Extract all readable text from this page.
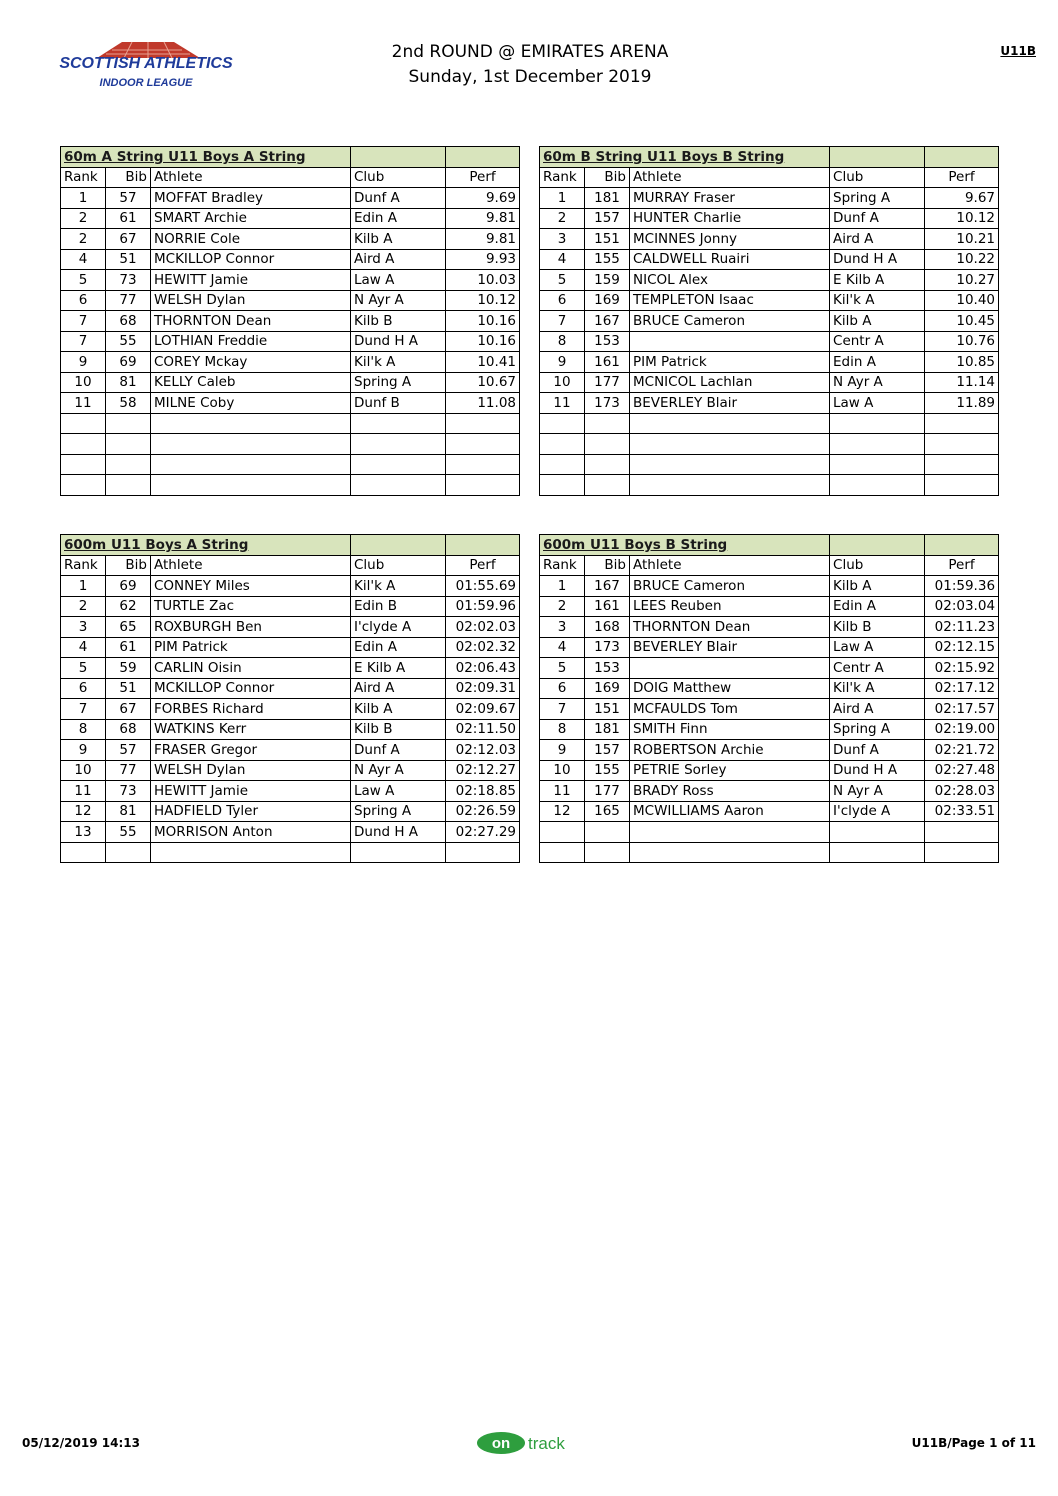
SCOTTISH ATHLETICS
INDOOR LEAGUE
2nd ROUND @ EMIRATES ARENA
Sunday, 1st December 2019
U11B
60m A String U11 Boys A String				
Rank	Bib	Athlete	Club	Perf
1	57	MOFFAT Bradley	Dunf A	9.69
2	61	SMART Archie	Edin A	9.81
2	67	NORRIE Cole	Kilb A	9.81
4	51	MCKILLOP Connor	Aird A	9.93
5	73	HEWITT Jamie	Law A	10.03
6	77	WELSH Dylan	N Ayr A	10.12
7	68	THORNTON Dean	Kilb B	10.16
7	55	LOTHIAN Freddie	Dund H A	10.16
9	69	COREY Mckay	Kil'k A	10.41
10	81	KELLY Caleb	Spring A	10.67
11	58	MILNE Coby	Dunf B	11.08

60m B String U11 Boys B String				
Rank	Bib	Athlete	Club	Perf
1	181	MURRAY Fraser	Spring A	9.67
2	157	HUNTER Charlie	Dunf A	10.12
3	151	MCINNES Jonny	Aird A	10.21
4	155	CALDWELL Ruairi	Dund H A	10.22
5	159	NICOL Alex	E Kilb A	10.27
6	169	TEMPLETON Isaac	Kil'k A	10.40
7	167	BRUCE Cameron	Kilb A	10.45
8	153		Centr A	10.76
9	161	PIM Patrick	Edin A	10.85
10	177	MCNICOL Lachlan	N Ayr A	11.14
11	173	BEVERLEY Blair	Law A	11.89

600m U11 Boys A String				
Rank	Bib	Athlete	Club	Perf
1	69	CONNEY Miles	Kil'k A	01:55.69
2	62	TURTLE Zac	Edin B	01:59.96
3	65	ROXBURGH Ben	I'clyde A	02:02.03
4	61	PIM Patrick	Edin A	02:02.32
5	59	CARLIN Oisin	E Kilb A	02:06.43
6	51	MCKILLOP Connor	Aird A	02:09.31
7	67	FORBES Richard	Kilb A	02:09.67
8	68	WATKINS Kerr	Kilb B	02:11.50
9	57	FRASER Gregor	Dunf A	02:12.03
10	77	WELSH Dylan	N Ayr A	02:12.27
11	73	HEWITT Jamie	Law A	02:18.85
12	81	HADFIELD Tyler	Spring A	02:26.59
13	55	MORRISON Anton	Dund H A	02:27.29

600m U11 Boys B String				
Rank	Bib	Athlete	Club	Perf
1	167	BRUCE Cameron	Kilb A	01:59.36
2	161	LEES Reuben	Edin A	02:03.04
3	168	THORNTON Dean	Kilb B	02:11.23
4	173	BEVERLEY Blair	Law A	02:12.15
5	153		Centr A	02:15.92
6	169	DOIG Matthew	Kil'k A	02:17.12
7	151	MCFAULDS Tom	Aird A	02:17.57
8	181	SMITH Finn	Spring A	02:19.00
9	157	ROBERTSON Archie	Dunf A	02:21.72
10	155	PETRIE Sorley	Dund H A	02:27.48
11	177	BRADY Ross	N Ayr A	02:28.03
12	165	MCWILLIAMS Aaron	I'clyde A	02:33.51

05/12/2019 14:13	on track	U11B/Page 1 of 11
